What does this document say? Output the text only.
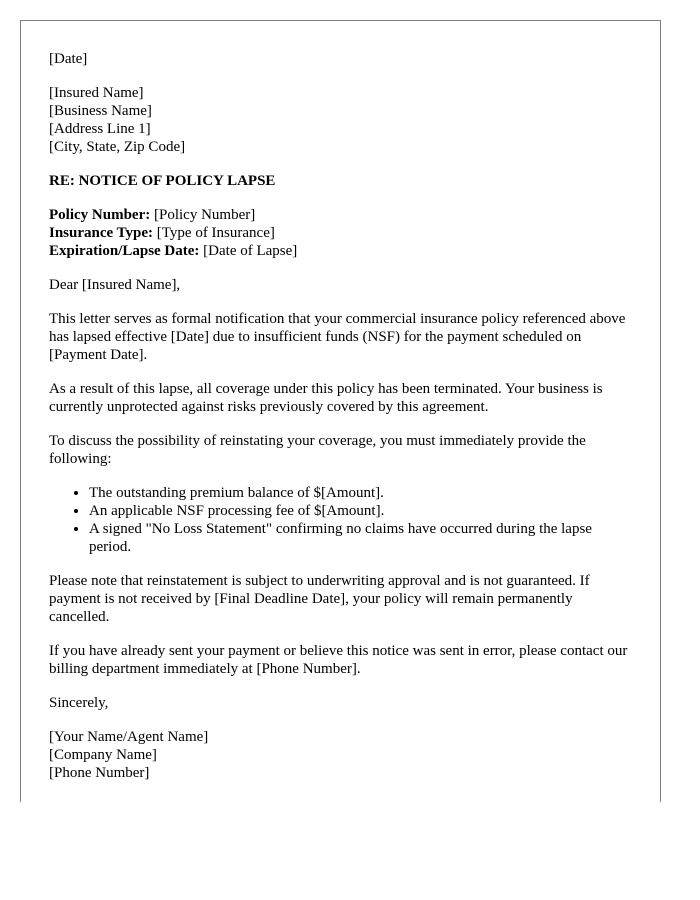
[Date]

[Insured Name]
[Business Name]
[Address Line 1]
[City, State, Zip Code]

RE: NOTICE OF POLICY LAPSE

Policy Number: [Policy Number]
Insurance Type: [Type of Insurance]
Expiration/Lapse Date: [Date of Lapse]

Dear [Insured Name],

This letter serves as formal notification that your commercial insurance policy referenced above has lapsed effective [Date] due to insufficient funds (NSF) for the payment scheduled on [Payment Date].

As a result of this lapse, all coverage under this policy has been terminated. Your business is currently unprotected against risks previously covered by this agreement.

To discuss the possibility of reinstating your coverage, you must immediately provide the following:

• The outstanding premium balance of $[Amount].
• An applicable NSF processing fee of $[Amount].
• A signed "No Loss Statement" confirming no claims have occurred during the lapse period.

Please note that reinstatement is subject to underwriting approval and is not guaranteed. If payment is not received by [Final Deadline Date], your policy will remain permanently cancelled.

If you have already sent your payment or believe this notice was sent in error, please contact our billing department immediately at [Phone Number].

Sincerely,

[Your Name/Agent Name]
[Company Name]
[Phone Number]
